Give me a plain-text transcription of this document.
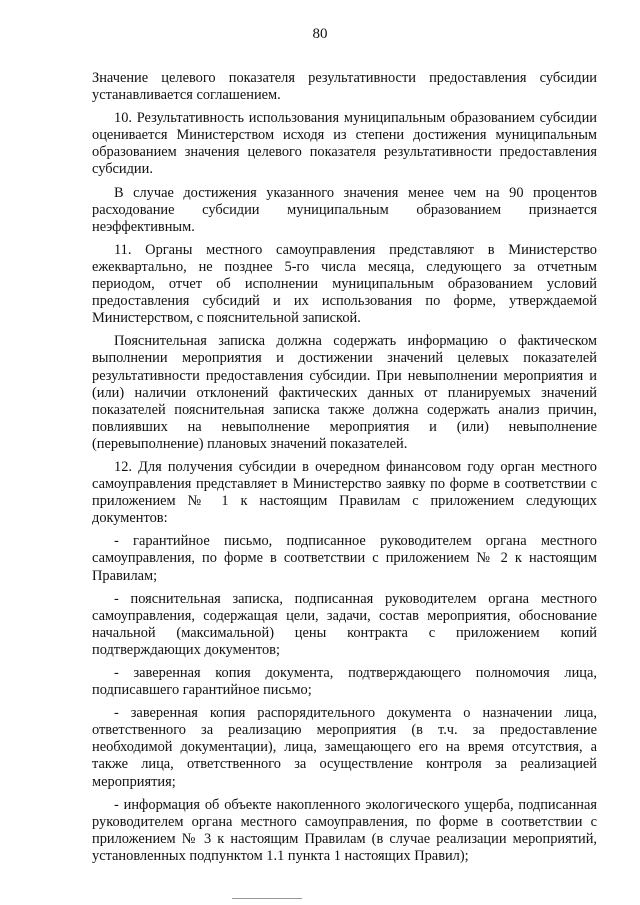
80

Значение целевого показателя результативности предоставления субсидии устанавливается соглашением.

10. Результативность использования муниципальным образованием субсидии оценивается Министерством исходя из степени достижения муниципальным образованием значения целевого показателя результативности предоставления субсидии.

В случае достижения указанного значения менее чем на 90 процентов расходование субсидии муниципальным образованием признается неэффективным.

11. Органы местного самоуправления представляют в Министерство ежеквартально, не позднее 5-го числа месяца, следующего за отчетным периодом, отчет об исполнении муниципальным образованием условий предоставления субсидий и их использования по форме, утверждаемой Министерством, с пояснительной запиской.

Пояснительная записка должна содержать информацию о фактическом выполнении мероприятия и достижении значений целевых показателей результативности предоставления субсидии. При невыполнении мероприятия и (или) наличии отклонений фактических данных от планируемых значений показателей пояснительная записка также должна содержать анализ причин, повлиявших на невыполнение мероприятия и (или) невыполнение (перевыполнение) плановых значений показателей.

12. Для получения субсидии в очередном финансовом году орган местного самоуправления представляет в Министерство заявку по форме в соответствии с приложением № 1 к настоящим Правилам с приложением следующих документов:

- гарантийное письмо, подписанное руководителем органа местного самоуправления, по форме в соответствии с приложением № 2 к настоящим Правилам;

- пояснительная записка, подписанная руководителем органа местного самоуправления, содержащая цели, задачи, состав мероприятия, обоснование начальной (максимальной) цены контракта с приложением копий подтверждающих документов;

- заверенная копия документа, подтверждающего полномочия лица, подписавшего гарантийное письмо;

- заверенная копия распорядительного документа о назначении лица, ответственного за реализацию мероприятия (в т.ч. за предоставление необходимой документации), лица, замещающего его на время отсутствия, а также лица, ответственного за осуществление контроля за реализацией мероприятия;

- информация об объекте накопленного экологического ущерба, подписанная руководителем органа местного самоуправления, по форме в соответствии с приложением № 3 к настоящим Правилам (в случае реализации мероприятий, установленных подпунктом 1.1 пункта 1 настоящих Правил);
